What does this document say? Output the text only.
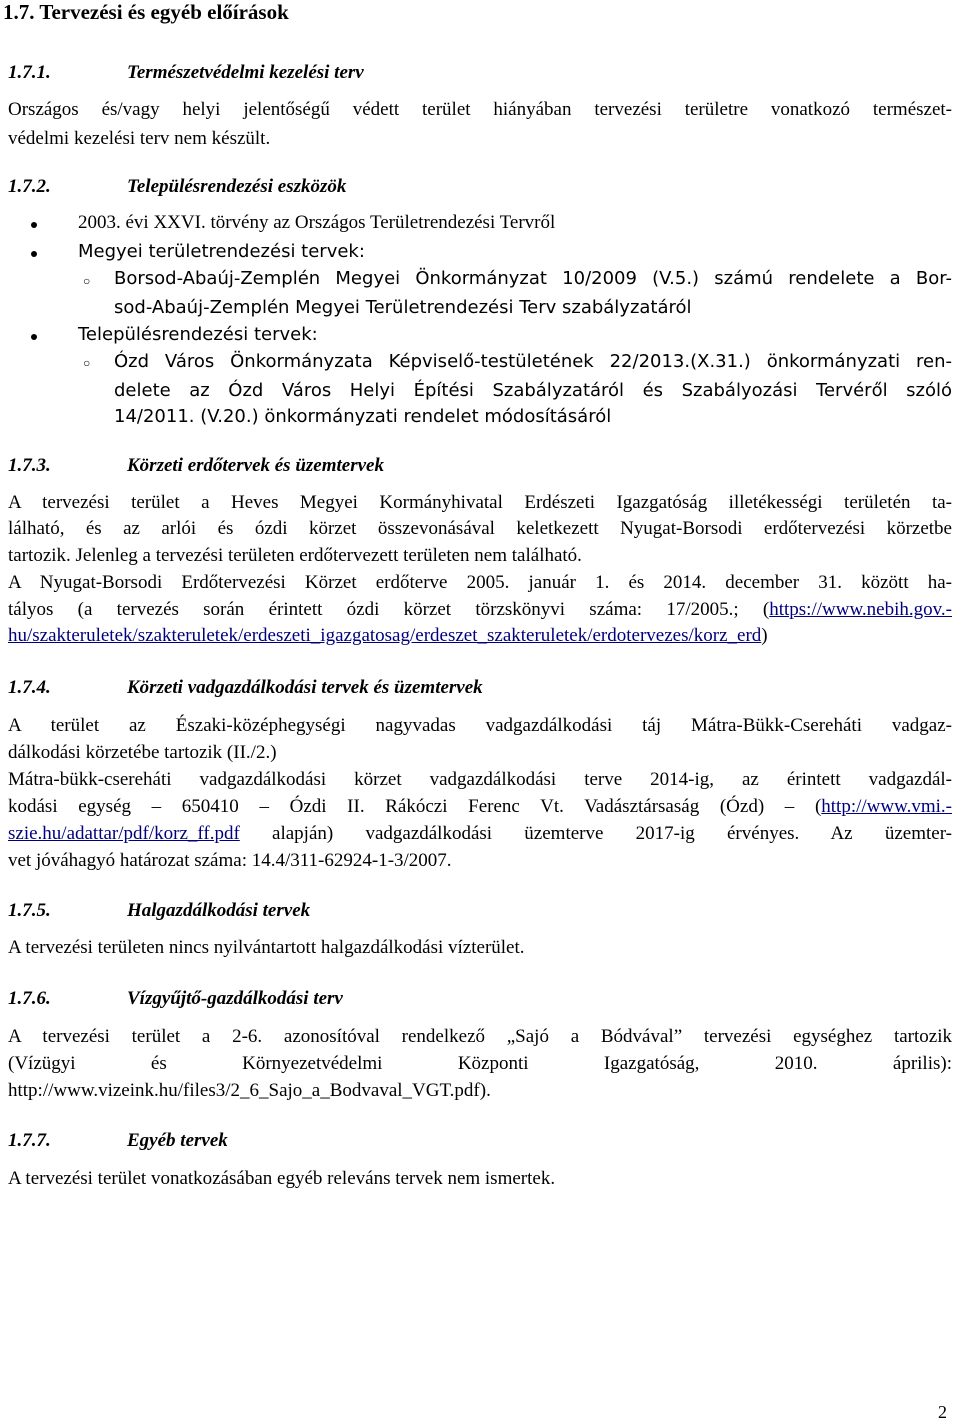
1.7. Tervezési és egyéb előírások
1.7.1.	Természetvédelmi kezelési terv
Országos és/vagy helyi jelentőségű védett terület hiányában tervezési területre vonatkozó természet-
védelmi kezelési terv nem készült.
1.7.2.	Településrendezési eszközök
2003. évi XXVI. törvény az Országos Területrendezési Tervről
Megyei területrendezési tervek:
○ Borsod-Abaúj-Zemplén Megyei Önkormányzat 10/2009 (V.5.) számú rendelete a Bor-
sod-Abaúj-Zemplén Megyei Területrendezési Terv szabályzatáról
Településrendezési tervek:
○ Ózd Város Önkormányzata Képviselő-testületének 22/2013.(X.31.) önkormányzati ren-
delete az Ózd Város Helyi Építési Szabályzatáról és Szabályozási Tervéről szóló
14/2011. (V.20.) önkormányzati rendelet módosításáról
1.7.3.	Körzeti erdőtervek és üzemtervek
A tervezési terület a Heves Megyei Kormányhivatal Erdészeti Igazgatóság illetékességi területén ta-
lálható, és az arlói és ózdi körzet összevonásával keletkezett Nyugat-Borsodi erdőtervezési körzetbe
tartozik. Jelenleg a tervezési területen erdőtervezett területen nem található.
A Nyugat-Borsodi Erdőtervezési Körzet erdőterve 2005. január 1. és 2014. december 31. között ha-
tályos (a tervezés során érintett ózdi körzet törzskönyvi száma: 17/2005.; (https://www.nebih.gov.-
hu/szakteruletek/szakteruletek/erdeszeti_igazgatosag/erdeszet_szakteruletek/erdotervezes/korz_erd)
1.7.4.	Körzeti vadgazdálkodási tervek és üzemtervek
A terület az Északi-középhegységi nagyvadas vadgazdálkodási táj Mátra-Bükk-Csereháti vadgaz-
dálkodási körzetébe tartozik (II./2.)
Mátra-bükk-csereháti vadgazdálkodási körzet vadgazdálkodási terve 2014-ig, az érintett vadgazdál-
kodási egység – 650410 – Ózdi II. Rákóczi Ferenc Vt. Vadásztársaság (Ózd) – (http://www.vmi.-
szie.hu/adattar/pdf/korz_ff.pdf alapján) vadgazdálkodási üzemterve 2017-ig érvényes. Az üzemter-
vet jóváhagyó határozat száma: 14.4/311-62924-1-3/2007.
1.7.5.	Halgazdálkodási tervek
A tervezési területen nincs nyilvántartott halgazdálkodási vízterület.
1.7.6.	Vízgyűjtő-gazdálkodási terv
A tervezési terület a 2-6. azonosítóval rendelkező „Sajó a Bódvával” tervezési egységhez tartozik
(Vízügyi és Környezetvédelmi Központi Igazgatóság, 2010. április):
http://www.vizeink.hu/files3/2_6_Sajo_a_Bodvaval_VGT.pdf).
1.7.7.	Egyéb tervek
A tervezési terület vonatkozásában egyéb releváns tervek nem ismertek.
2
